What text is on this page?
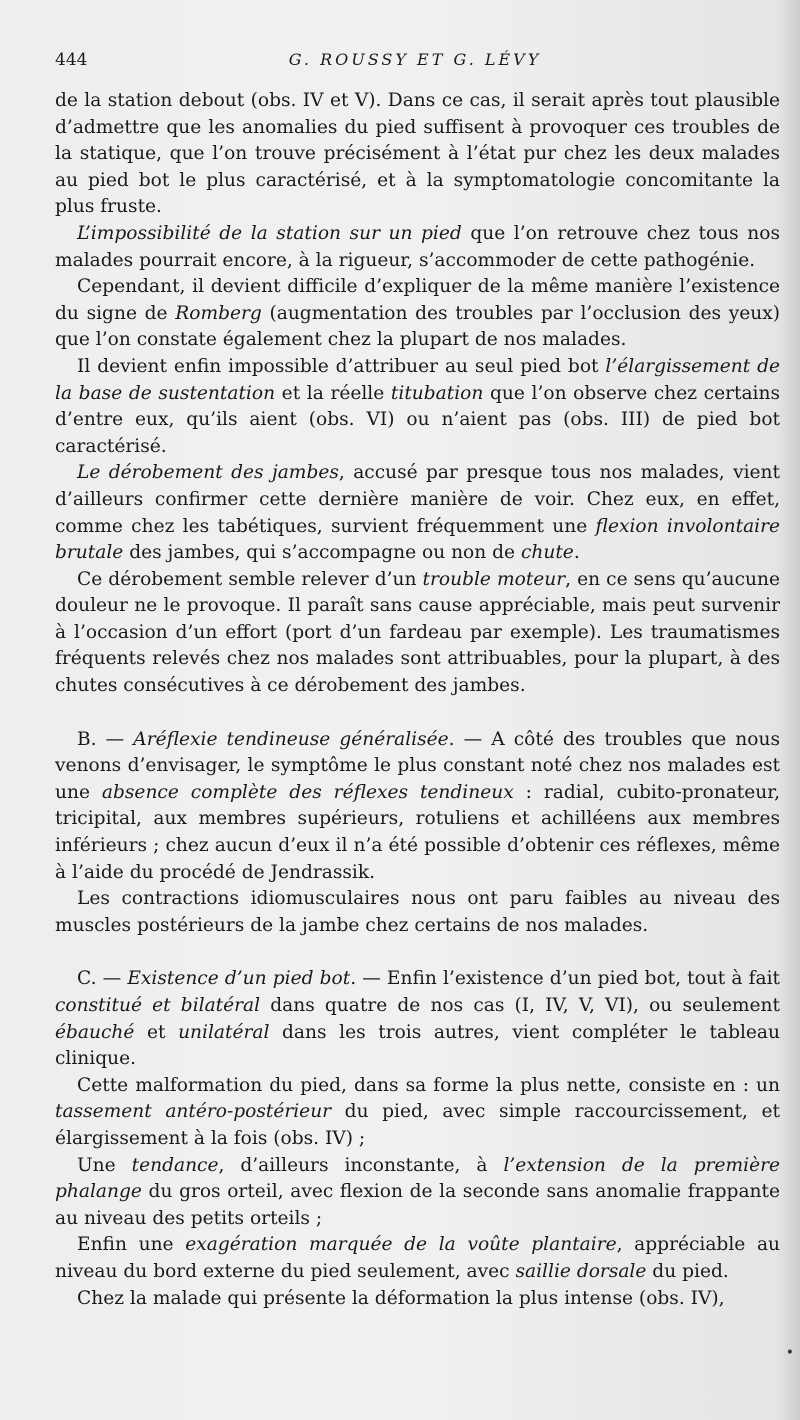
444	G. ROUSSY ET G. LÉVY

de la station debout (obs. IV et V). Dans ce cas, il serait après tout plausible d’admettre que les anomalies du pied suffisent à provoquer ces troubles de la statique, que l’on trouve précisément à l’état pur chez les deux malades au pied bot le plus caractérisé, et à la symptomatologie concomitante la plus fruste.

L’impossibilité de la station sur un pied que l’on retrouve chez tous nos malades pourrait encore, à la rigueur, s’accommoder de cette pathogénie.

Cependant, il devient difficile d’expliquer de la même manière l’existence du signe de Romberg (augmentation des troubles par l’occlusion des yeux) que l’on constate également chez la plupart de nos malades.

Il devient enfin impossible d’attribuer au seul pied bot l’élargissement de la base de sustentation et la réelle titubation que l’on observe chez certains d’entre eux, qu’ils aient (obs. VI) ou n’aient pas (obs. III) de pied bot caractérisé.

Le dérobement des jambes, accusé par presque tous nos malades, vient d’ailleurs confirmer cette dernière manière de voir. Chez eux, en effet, comme chez les tabétiques, survient fréquemment une flexion involontaire brutale des jambes, qui s’accompagne ou non de chute.

Ce dérobement semble relever d’un trouble moteur, en ce sens qu’aucune douleur ne le provoque. Il paraît sans cause appréciable, mais peut survenir à l’occasion d’un effort (port d’un fardeau par exemple). Les traumatismes fréquents relevés chez nos malades sont attribuables, pour la plupart, à des chutes consécutives à ce dérobement des jambes.

B. — Aréflexie tendineuse généralisée. — A côté des troubles que nous venons d’envisager, le symptôme le plus constant noté chez nos malades est une absence complète des réflexes tendineux : radial, cubito-pronateur, tricipital, aux membres supérieurs, rotuliens et achilléens aux membres inférieurs ; chez aucun d’eux il n’a été possible d’obtenir ces réflexes, même à l’aide du procédé de Jendrassik.

Les contractions idiomusculaires nous ont paru faibles au niveau des muscles postérieurs de la jambe chez certains de nos malades.

C. — Existence d’un pied bot. — Enfin l’existence d’un pied bot, tout à fait constitué et bilatéral dans quatre de nos cas (I, IV, V, VI), ou seulement ébauché et unilatéral dans les trois autres, vient compléter le tableau clinique.

Cette malformation du pied, dans sa forme la plus nette, consiste en : un tassement antéro-postérieur du pied, avec simple raccourcissement, et élargissement à la fois (obs. IV) ;

Une tendance, d’ailleurs inconstante, à l’extension de la première phalange du gros orteil, avec flexion de la seconde sans anomalie frappante au niveau des petits orteils ;

Enfin une exagération marquée de la voûte plantaire, appréciable au niveau du bord externe du pied seulement, avec saillie dorsale du pied.

Chez la malade qui présente la déformation la plus intense (obs. IV),

•
